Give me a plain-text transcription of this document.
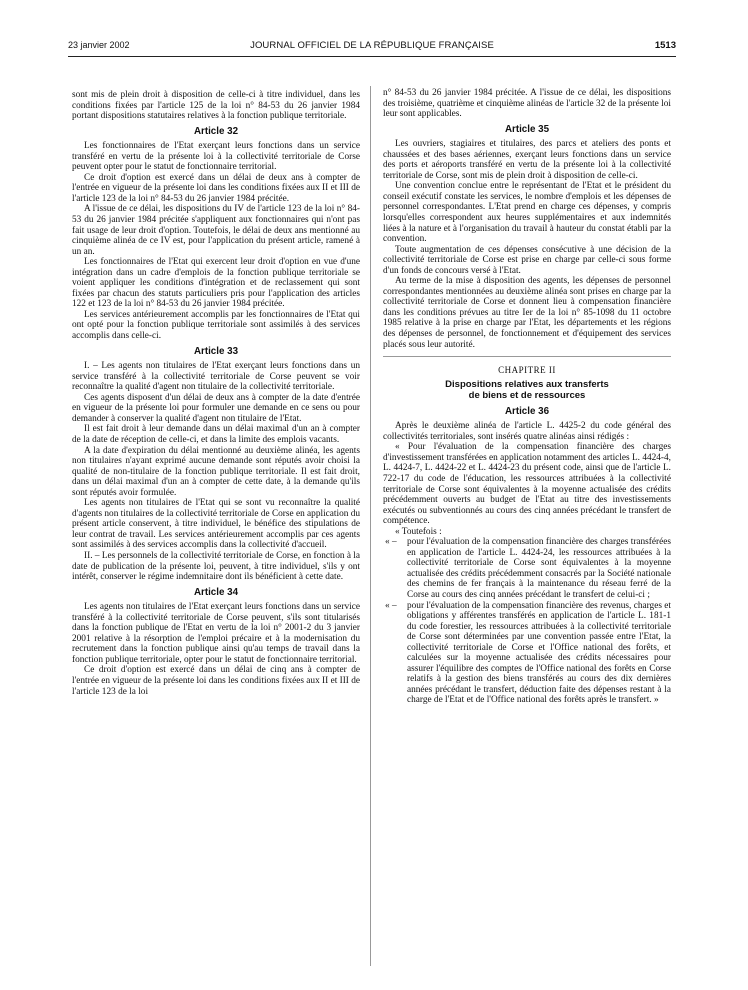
23 janvier 2002	JOURNAL OFFICIEL DE LA RÉPUBLIQUE FRANÇAISE	1513

sont mis de plein droit à disposition de celle-ci à titre individuel, dans les conditions fixées par l'article 125 de la loi n° 84-53 du 26 janvier 1984 portant dispositions statutaires relatives à la fonction publique territoriale.

Article 32

Les fonctionnaires de l'Etat exerçant leurs fonctions dans un service transféré en vertu de la présente loi à la collectivité territoriale de Corse peuvent opter pour le statut de fonctionnaire territorial.

Ce droit d'option est exercé dans un délai de deux ans à compter de l'entrée en vigueur de la présente loi dans les conditions fixées aux II et III de l'article 123 de la loi n° 84-53 du 26 janvier 1984 précitée.

A l'issue de ce délai, les dispositions du IV de l'article 123 de la loi n° 84-53 du 26 janvier 1984 précitée s'appliquent aux fonctionnaires qui n'ont pas fait usage de leur droit d'option. Toutefois, le délai de deux ans mentionné au cinquième alinéa de ce IV est, pour l'application du présent article, ramené à un an.

Les fonctionnaires de l'Etat qui exercent leur droit d'option en vue d'une intégration dans un cadre d'emplois de la fonction publique territoriale se voient appliquer les conditions d'intégration et de reclassement qui sont fixées par chacun des statuts particuliers pris pour l'application des articles 122 et 123 de la loi n° 84-53 du 26 janvier 1984 précitée.

Les services antérieurement accomplis par les fonctionnaires de l'Etat qui ont opté pour la fonction publique territoriale sont assimilés à des services accomplis dans celle-ci.

Article 33

I. – Les agents non titulaires de l'Etat exerçant leurs fonctions dans un service transféré à la collectivité territoriale de Corse peuvent se voir reconnaître la qualité d'agent non titulaire de la collectivité territoriale.

Ces agents disposent d'un délai de deux ans à compter de la date d'entrée en vigueur de la présente loi pour formuler une demande en ce sens ou pour demander à conserver la qualité d'agent non titulaire de l'Etat.

Il est fait droit à leur demande dans un délai maximal d'un an à compter de la date de réception de celle-ci, et dans la limite des emplois vacants.

A la date d'expiration du délai mentionné au deuxième alinéa, les agents non titulaires n'ayant exprimé aucune demande sont réputés avoir choisi la qualité de non-titulaire de la fonction publique territoriale. Il est fait droit, dans un délai maximal d'un an à compter de cette date, à la demande qu'ils sont réputés avoir formulée.

Les agents non titulaires de l'Etat qui se sont vu reconnaître la qualité d'agents non titulaires de la collectivité territoriale de Corse en application du présent article conservent, à titre individuel, le bénéfice des stipulations de leur contrat de travail. Les services antérieurement accomplis par ces agents sont assimilés à des services accomplis dans la collectivité d'accueil.

II. – Les personnels de la collectivité territoriale de Corse, en fonction à la date de publication de la présente loi, peuvent, à titre individuel, s'ils y ont intérêt, conserver le régime indemnitaire dont ils bénéficient à cette date.

Article 34

Les agents non titulaires de l'Etat exerçant leurs fonctions dans un service transféré à la collectivité territoriale de Corse peuvent, s'ils sont titularisés dans la fonction publique de l'Etat en vertu de la loi n° 2001-2 du 3 janvier 2001 relative à la résorption de l'emploi précaire et à la modernisation du recrutement dans la fonction publique ainsi qu'au temps de travail dans la fonction publique territoriale, opter pour le statut de fonctionnaire territorial.

Ce droit d'option est exercé dans un délai de cinq ans à compter de l'entrée en vigueur de la présente loi dans les conditions fixées aux II et III de l'article 123 de la loi

n° 84-53 du 26 janvier 1984 précitée. A l'issue de ce délai, les dispositions des troisième, quatrième et cinquième alinéas de l'article 32 de la présente loi leur sont applicables.

Article 35

Les ouvriers, stagiaires et titulaires, des parcs et ateliers des ponts et chaussées et des bases aériennes, exerçant leurs fonctions dans un service des ports et aéroports transféré en vertu de la présente loi à la collectivité territoriale de Corse, sont mis de plein droit à disposition de celle-ci.

Une convention conclue entre le représentant de l'Etat et le président du conseil exécutif constate les services, le nombre d'emplois et les dépenses de personnel correspondantes. L'Etat prend en charge ces dépenses, y compris lorsqu'elles correspondent aux heures supplémentaires et aux indemnités liées à la nature et à l'organisation du travail à hauteur du constat établi par la convention.

Toute augmentation de ces dépenses consécutive à une décision de la collectivité territoriale de Corse est prise en charge par celle-ci sous forme d'un fonds de concours versé à l'Etat.

Au terme de la mise à disposition des agents, les dépenses de personnel correspondantes mentionnées au deuxième alinéa sont prises en charge par la collectivité territoriale de Corse et donnent lieu à compensation financière dans les conditions prévues au titre Ier de la loi n° 85-1098 du 11 octobre 1985 relative à la prise en charge par l'Etat, les départements et les régions des dépenses de personnel, de fonctionnement et d'équipement des services placés sous leur autorité.

CHAPITRE II
Dispositions relatives aux transferts
de biens et de ressources
Article 36

Après le deuxième alinéa de l'article L. 4425-2 du code général des collectivités territoriales, sont insérés quatre alinéas ainsi rédigés :

« Pour l'évaluation de la compensation financière des charges d'investissement transférées en application notamment des articles L. 4424-4, L. 4424-7, L. 4424-22 et L. 4424-23 du présent code, ainsi que de l'article L. 722-17 du code de l'éducation, les ressources attribuées à la collectivité territoriale de Corse sont équivalentes à la moyenne actualisée des crédits précédemment ouverts au budget de l'Etat au titre des investissements exécutés ou subventionnés au cours des cinq années précédant le transfert de compétence.

« Toutefois :

« – pour l'évaluation de la compensation financière des charges transférées en application de l'article L. 4424-24, les ressources attribuées à la collectivité territoriale de Corse sont équivalentes à la moyenne actualisée des crédits précédemment consacrés par la Société nationale des chemins de fer français à la maintenance du réseau ferré de la Corse au cours des cinq années précédant le transfert de celui-ci ;

« – pour l'évaluation de la compensation financière des revenus, charges et obligations y afférentes transférés en application de l'article L. 181-1 du code forestier, les ressources attribuées à la collectivité territoriale de Corse sont déterminées par une convention passée entre l'Etat, la collectivité territoriale de Corse et l'Office national des forêts, et calculées sur la moyenne actualisée des crédits nécessaires pour assurer l'équilibre des comptes de l'Office national des forêts en Corse relatifs à la gestion des biens transférés au cours des dix dernières années précédant le transfert, déduction faite des dépenses restant à la charge de l'Etat et de l'Office national des forêts après le transfert. »
